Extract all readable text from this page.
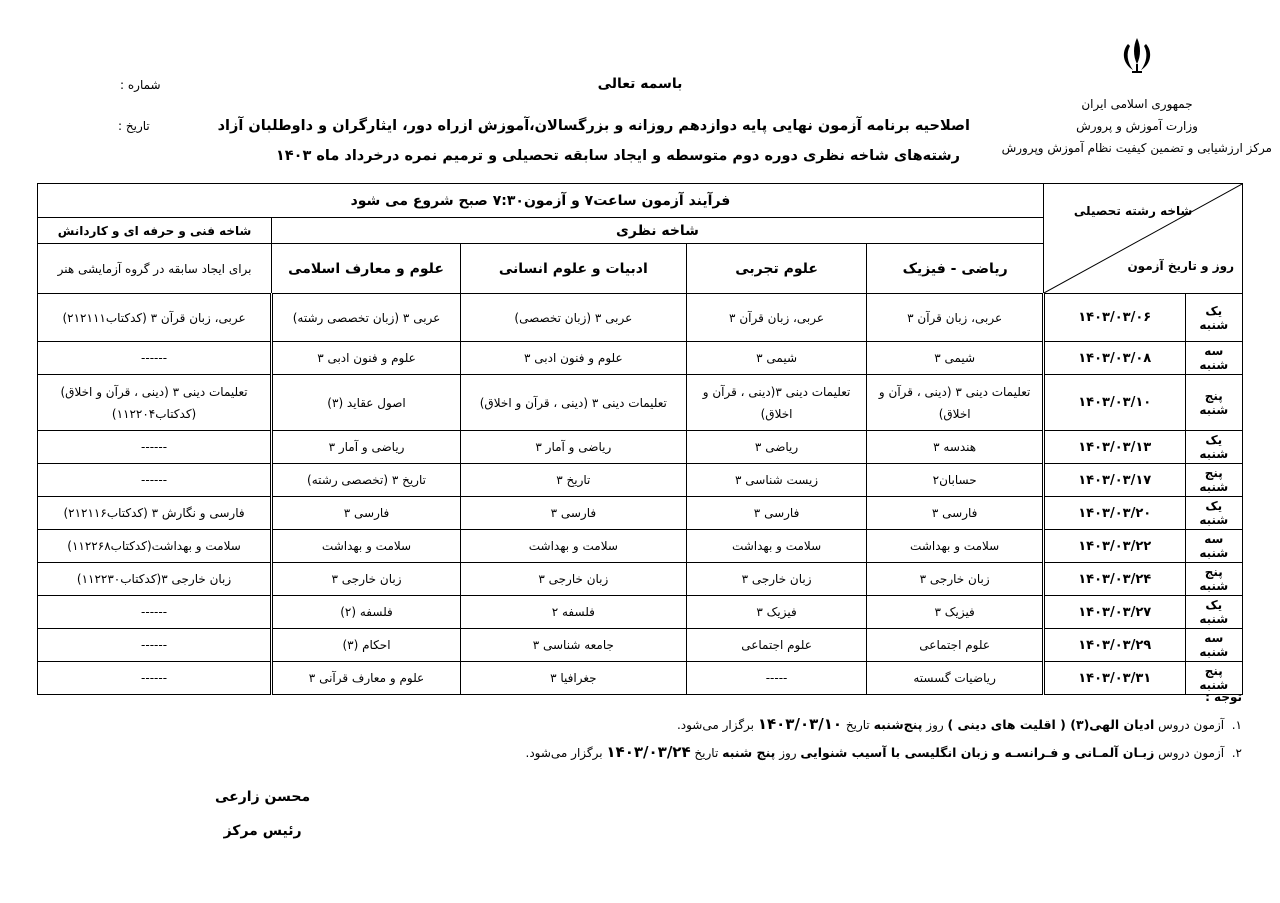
جمهوری اسلامی ایران
وزارت آموزش و پرورش
مرکز ارزشیابی و تضمین کیفیت نظام آموزش وپرورش
باسمه تعالی
شماره :
اصلاحیه برنامه آزمون نهایی پایه دوازدهم روزانه و بزرگسالان،آموزش ازراه دور، ایثارگران و داوطلبان آزاد
تاریخ :
رشته‌های شاخه نظری دوره دوم متوسطه و ایجاد سابقه تحصیلی و ترمیم نمره درخرداد ماه ۱۴۰۳
شاخه رشته تحصیلی
روز و تاریخ آزمون		فرآیند آزمون ساعت۷ و آزمون۷:۳۰ صبح شروع می شود				
		شاخه نظری				شاخه فنی و حرفه ای و کاردانش
		ریاضی - فیزیک	علوم تجربی	ادبیات و علوم انسانی	علوم و معارف اسلامی	برای ایجاد سابقه در گروه آزمایشی هنر
یک شنبه	۱۴۰۳/۰۳/۰۶	عربی، زبان قرآن ۳	عربی، زبان قرآن ۳	عربی ۳ (زبان تخصصی)	عربی ۳ (زبان تخصصی رشته)	عربی، زبان قرآن ۳ (کدکتاب۲۱۲۱۱۱)
سه شنبه	۱۴۰۳/۰۳/۰۸	شیمی ۳	شیمی ۳	علوم و فنون ادبی ۳	علوم و فنون ادبی ۳	------
پنج شنبه	۱۴۰۳/۰۳/۱۰	تعلیمات دینی ۳ (دینی ، قرآن و اخلاق)	تعلیمات دینی ۳(دینی ، قرآن و اخلاق)	تعلیمات دینی ۳ (دینی ، قرآن و اخلاق)	اصول عقاید (۳)	تعلیمات دینی ۳ (دینی ، قرآن و اخلاق)(کدکتاب۱۱۲۲۰۴)
یک شنبه	۱۴۰۳/۰۳/۱۳	هندسه ۳	ریاضی ۳	ریاضی و آمار ۳	ریاضی و آمار ۳	------
پنج شنبه	۱۴۰۳/۰۳/۱۷	حسابان۲	زیست شناسی ۳	تاریخ ۳	تاریخ ۳ (تخصصی رشته)	------
یک شنبه	۱۴۰۳/۰۳/۲۰	فارسی ۳	فارسی ۳	فارسی ۳	فارسی ۳	فارسی و نگارش ۳ (کدکتاب۲۱۲۱۱۶)
سه شنبه	۱۴۰۳/۰۳/۲۲	سلامت و بهداشت	سلامت و بهداشت	سلامت و بهداشت	سلامت و بهداشت	سلامت و بهداشت(کدکتاب۱۱۲۲۶۸)
پنج شنبه	۱۴۰۳/۰۳/۲۴	زبان خارجی ۳	زبان خارجی ۳	زبان خارجی ۳	زبان خارجی ۳	زبان خارجی ۳(کدکتاب۱۱۲۲۳۰)
یک شنبه	۱۴۰۳/۰۳/۲۷	فیزیک ۳	فیزیک ۳	فلسفه ۲	فلسفه (۲)	------
سه شنبه	۱۴۰۳/۰۳/۲۹	علوم اجتماعی	علوم اجتماعی	جامعه شناسی ۳	احکام (۳)	------
پنج شنبه	۱۴۰۳/۰۳/۳۱	ریاضیات گسسته	-----	جغرافیا ۳	علوم و معارف قرآنی ۳	------
توجه :
۱.  آزمون دروس ادیان الهی(۳) ( اقلیت های دینی ) روز پنج‌شنبه تاریخ ۱۴۰۳/۰۳/۱۰ برگزار می‌شود.
۲.  آزمون دروس زبـان آلمـانی و فـرانسـه و زبان انگلیسی با آسیب شنوایی روز پنج شنبه تاریخ ۱۴۰۳/۰۳/۲۴ برگزار می‌شود.
محسن زارعی
رئیس مرکز
